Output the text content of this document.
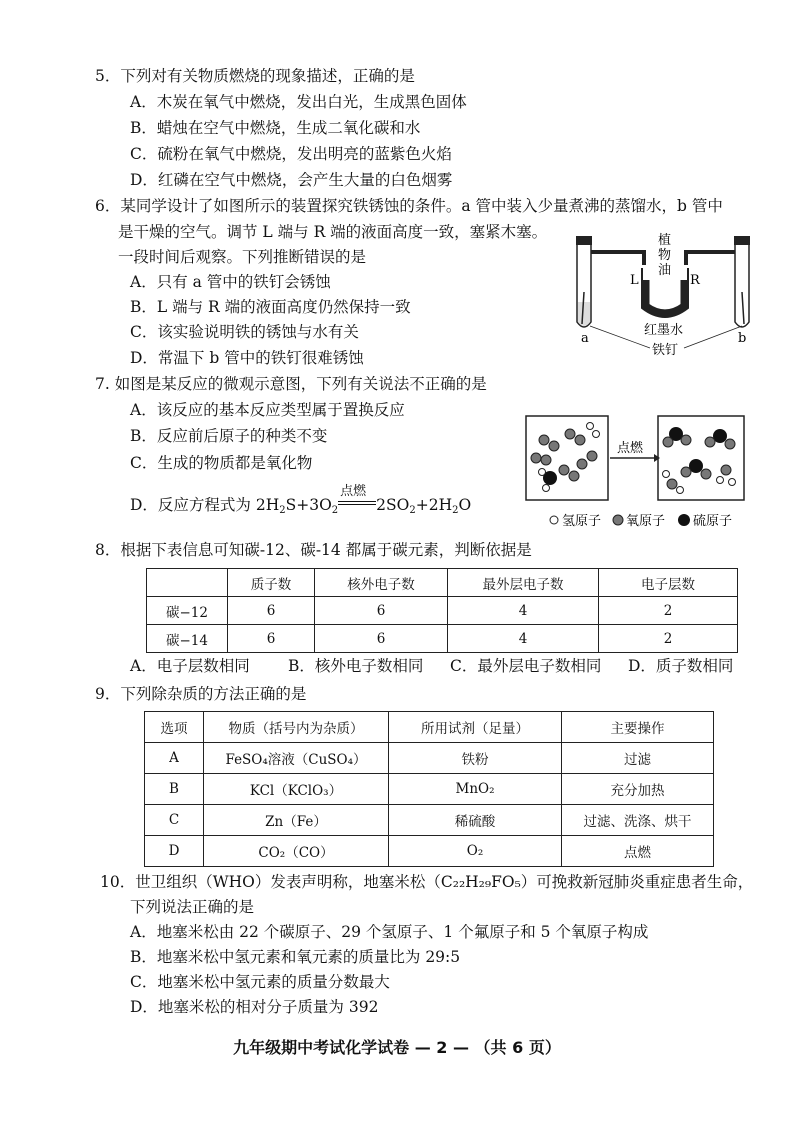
5．下列对有关物质燃烧的现象描述，正确的是
A．木炭在氧气中燃烧，发出白光，生成黑色固体
B．蜡烛在空气中燃烧，生成二氧化碳和水
C．硫粉在氧气中燃烧，发出明亮的蓝紫色火焰
D．红磷在空气中燃烧，会产生大量的白色烟雾
6．某同学设计了如图所示的装置探究铁锈蚀的条件。a 管中装入少量煮沸的蒸馏水，b 管中
是干燥的空气。调节 L 端与 R 端的液面高度一致，塞紧木塞。
一段时间后观察。下列推断错误的是
A．只有 a 管中的铁钉会锈蚀
B．L 端与 R 端的液面高度仍然保持一致
C．该实验说明铁的锈蚀与水有关
D．常温下 b 管中的铁钉很难锈蚀
植
物
油
L	R
红墨水
铁钉
a	b
7. 如图是某反应的微观示意图，下列有关说法不正确的是
A．该反应的基本反应类型属于置换反应
B．反应前后原子的种类不变
C．生成的物质都是氧化物
D．反应方程式为 $2H_2S+3O_2$
点燃
$2SO_2+2H_2O$
点燃
氢原子 氧原子 硫原子
8．根据下表信息可知碳-12、碳-14 都属于碳元素，判断依据是
	质子数	核外电子数	最外层电子数	电子层数
碳−12	6	6	4	2
碳−14	6	6	4	2
A．电子层数相同 B．核外电子数相同 C．最外层电子数相同 D．质子数相同
9．下列除杂质的方法正确的是
选项	物质（括号内为杂质）	所用试剂（足量）	主要操作
A	FeSO₄溶液（CuSO₄）	铁粉	过滤
B	KCl（KClO₃）	MnO₂	充分加热
C	Zn（Fe）	稀硫酸	过滤、洗涤、烘干
D	CO₂（CO）	O₂	点燃
10．世卫组织（WHO）发表声明称，地塞米松（C₂₂H₂₉FO₅）可挽救新冠肺炎重症患者生命，
下列说法正确的是
A．地塞米松由 22 个碳原子、29 个氢原子、1 个氟原子和 5 个氧原子构成
B．地塞米松中氢元素和氧元素的质量比为 29:5
C．地塞米松中氢元素的质量分数最大
D．地塞米松的相对分子质量为 392
九年级期中考试化学试卷 — 2 — （共 6 页）
